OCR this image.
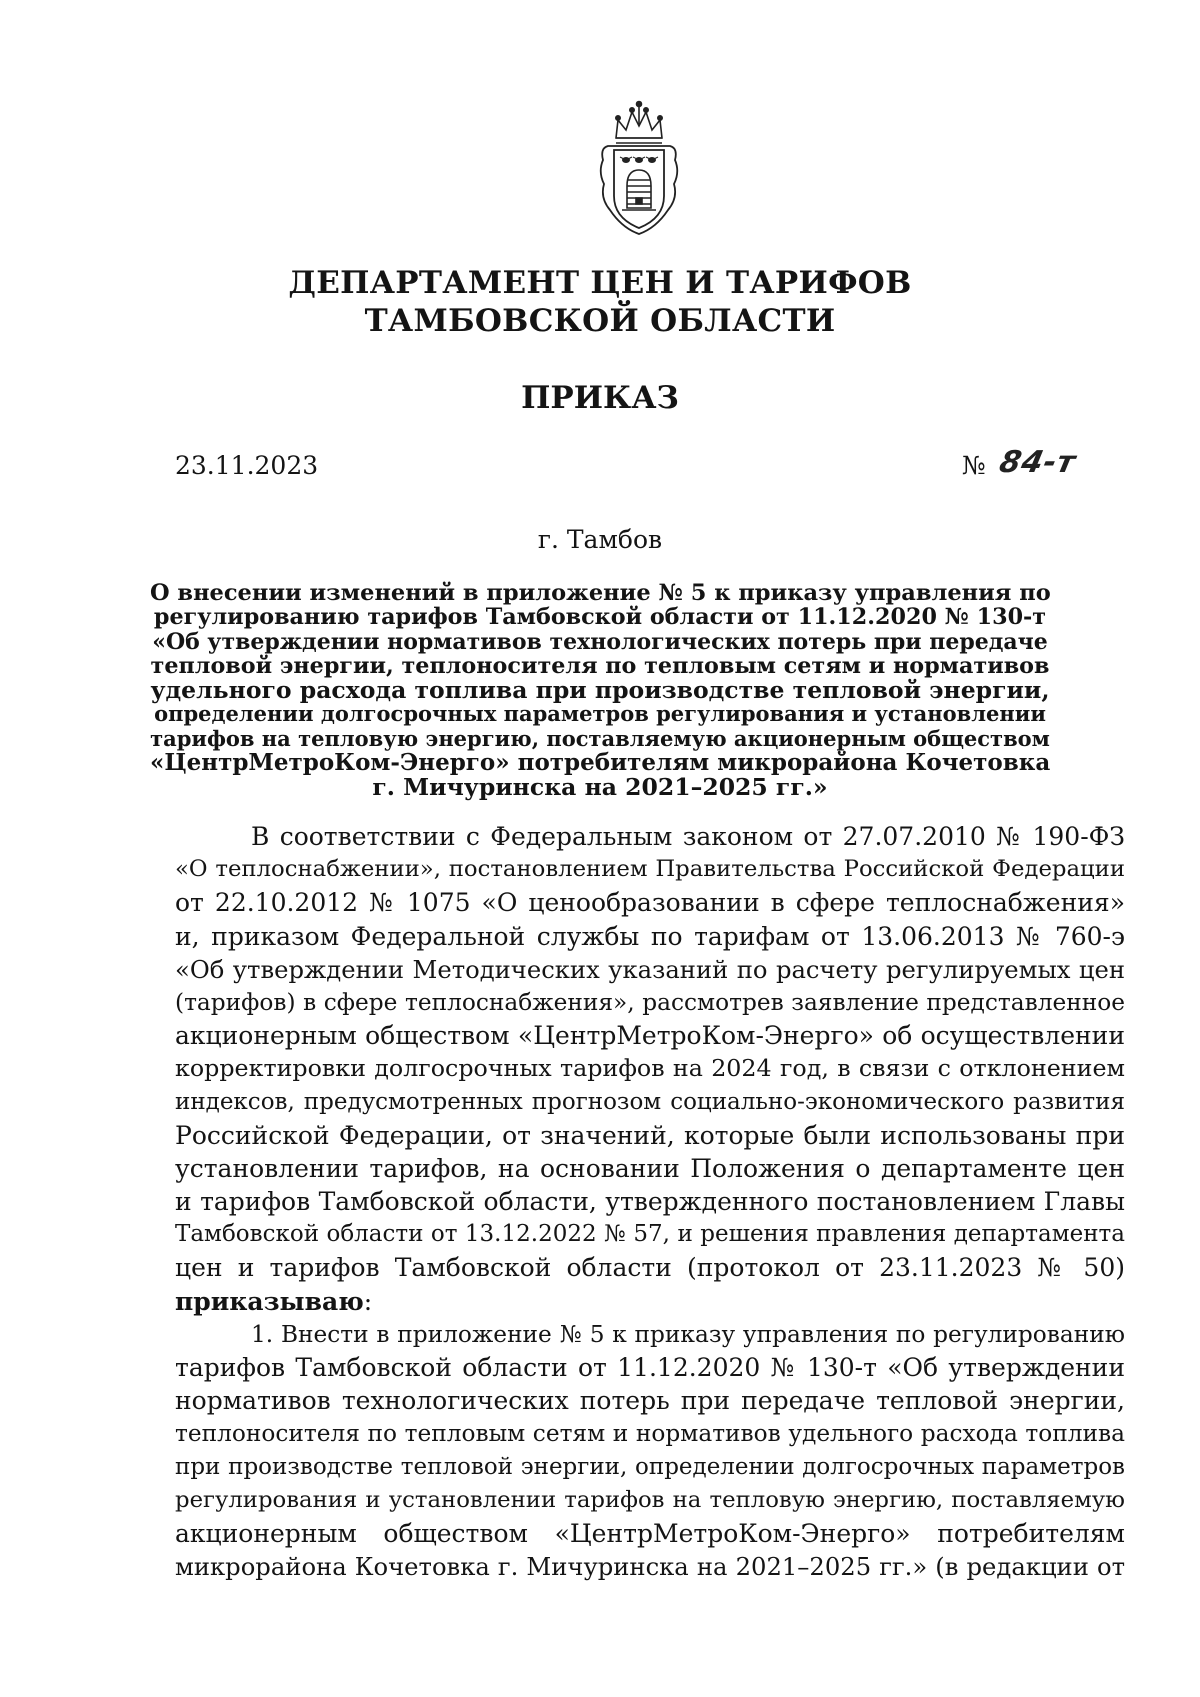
ДЕПАРТАМЕНТ ЦЕН И ТАРИФОВ
ТАМБОВСКОЙ ОБЛАСТИ
ПРИКАЗ
23.11.2023	№ 84-т
г. Тамбов
О внесении изменений в приложение № 5 к приказу управления по
регулированию тарифов Тамбовской области от 11.12.2020 № 130-т
«Об утверждении нормативов технологических потерь при передаче
тепловой энергии, теплоносителя по тепловым сетям и нормативов
удельного расхода топлива при производстве тепловой энергии,
определении долгосрочных параметров регулирования и установлении
тарифов на тепловую энергию, поставляемую акционерным обществом
«ЦентрМетроКом-Энерго» потребителям микрорайона Кочетовка
г. Мичуринска на 2021–2025 гг.»
В соответствии с Федеральным законом от 27.07.2010 № 190-ФЗ
«О теплоснабжении», постановлением Правительства Российской Федерации
от 22.10.2012 № 1075 «О ценообразовании в сфере теплоснабжения»
и, приказом Федеральной службы по тарифам от 13.06.2013 № 760-э
«Об утверждении Методических указаний по расчету регулируемых цен
(тарифов) в сфере теплоснабжения», рассмотрев заявление представленное
акционерным обществом «ЦентрМетроКом-Энерго» об осуществлении
корректировки долгосрочных тарифов на 2024 год, в связи с отклонением
индексов, предусмотренных прогнозом социально-экономического развития
Российской Федерации, от значений, которые были использованы при
установлении тарифов, на основании Положения о департаменте цен
и тарифов Тамбовской области, утвержденного постановлением Главы
Тамбовской области от 13.12.2022 № 57, и решения правления департамента
цен и тарифов Тамбовской области (протокол от 23.11.2023 № 50)
приказываю:
1. Внести в приложение № 5 к приказу управления по регулированию
тарифов Тамбовской области от 11.12.2020 № 130-т «Об утверждении
нормативов технологических потерь при передаче тепловой энергии,
теплоносителя по тепловым сетям и нормативов удельного расхода топлива
при производстве тепловой энергии, определении долгосрочных параметров
регулирования и установлении тарифов на тепловую энергию, поставляемую
акционерным обществом «ЦентрМетроКом-Энерго» потребителям
микрорайона Кочетовка г. Мичуринска на 2021–2025 гг.» (в редакции от
